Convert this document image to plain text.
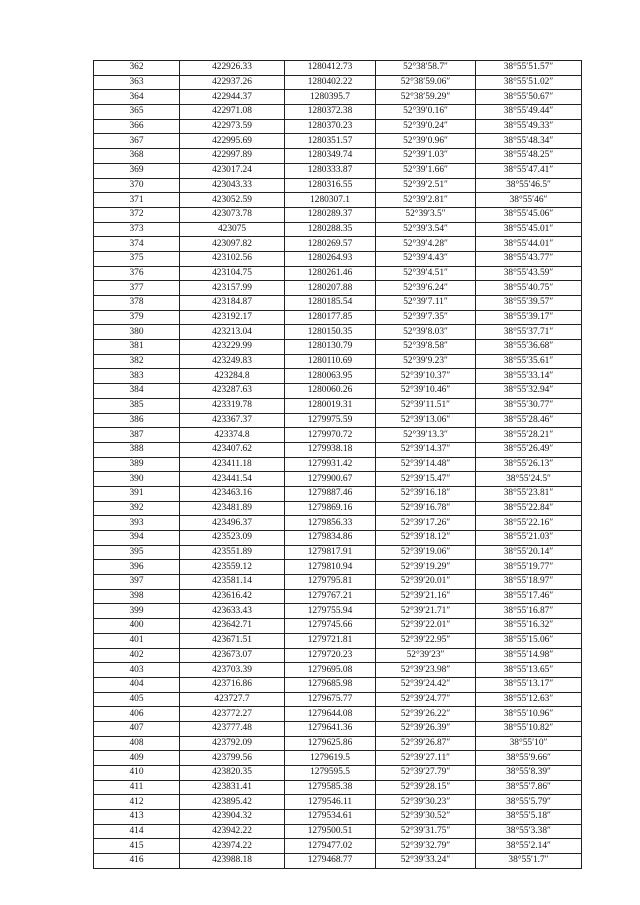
362	422926.33	1280412.73	52°38′58.7″	38°55′51.57″
363	422937.26	1280402.22	52°38′59.06″	38°55′51.02″
364	422944.37	1280395.7	52°38′59.29″	38°55′50.67″
365	422971.08	1280372.38	52°39′0.16″	38°55′49.44″
366	422973.59	1280370.23	52°39′0.24″	38°55′49.33″
367	422995.69	1280351.57	52°39′0.96″	38°55′48.34″
368	422997.89	1280349.74	52°39′1.03″	38°55′48.25″
369	423017.24	1280333.87	52°39′1.66″	38°55′47.41″
370	423043.33	1280316.55	52°39′2.51″	38°55′46.5″
371	423052.59	1280307.1	52°39′2.81″	38°55′46″
372	423073.78	1280289.37	52°39′3.5″	38°55′45.06″
373	423075	1280288.35	52°39′3.54″	38°55′45.01″
374	423097.82	1280269.57	52°39′4.28″	38°55′44.01″
375	423102.56	1280264.93	52°39′4.43″	38°55′43.77″
376	423104.75	1280261.46	52°39′4.51″	38°55′43.59″
377	423157.99	1280207.88	52°39′6.24″	38°55′40.75″
378	423184.87	1280185.54	52°39′7.11″	38°55′39.57″
379	423192.17	1280177.85	52°39′7.35″	38°55′39.17″
380	423213.04	1280150.35	52°39′8.03″	38°55′37.71″
381	423229.99	1280130.79	52°39′8.58″	38°55′36.68″
382	423249.83	1280110.69	52°39′9.23″	38°55′35.61″
383	423284.8	1280063.95	52°39′10.37″	38°55′33.14″
384	423287.63	1280060.26	52°39′10.46″	38°55′32.94″
385	423319.78	1280019.31	52°39′11.51″	38°55′30.77″
386	423367.37	1279975.59	52°39′13.06″	38°55′28.46″
387	423374.8	1279970.72	52°39′13.3″	38°55′28.21″
388	423407.62	1279938.18	52°39′14.37″	38°55′26.49″
389	423411.18	1279931.42	52°39′14.48″	38°55′26.13″
390	423441.54	1279900.67	52°39′15.47″	38°55′24.5″
391	423463.16	1279887.46	52°39′16.18″	38°55′23.81″
392	423481.89	1279869.16	52°39′16.78″	38°55′22.84″
393	423496.37	1279856.33	52°39′17.26″	38°55′22.16″
394	423523.09	1279834.86	52°39′18.12″	38°55′21.03″
395	423551.89	1279817.91	52°39′19.06″	38°55′20.14″
396	423559.12	1279810.94	52°39′19.29″	38°55′19.77″
397	423581.14	1279795.81	52°39′20.01″	38°55′18.97″
398	423616.42	1279767.21	52°39′21.16″	38°55′17.46″
399	423633.43	1279755.94	52°39′21.71″	38°55′16.87″
400	423642.71	1279745.66	52°39′22.01″	38°55′16.32″
401	423671.51	1279721.81	52°39′22.95″	38°55′15.06″
402	423673.07	1279720.23	52°39′23″	38°55′14.98″
403	423703.39	1279695.08	52°39′23.98″	38°55′13.65″
404	423716.86	1279685.98	52°39′24.42″	38°55′13.17″
405	423727.7	1279675.77	52°39′24.77″	38°55′12.63″
406	423772.27	1279644.08	52°39′26.22″	38°55′10.96″
407	423777.48	1279641.36	52°39′26.39″	38°55′10.82″
408	423792.09	1279625.86	52°39′26.87″	38°55′10″
409	423799.56	1279619.5	52°39′27.11″	38°55′9.66″
410	423820.35	1279595.5	52°39′27.79″	38°55′8.39″
411	423831.41	1279585.38	52°39′28.15″	38°55′7.86″
412	423895.42	1279546.11	52°39′30.23″	38°55′5.79″
413	423904.32	1279534.61	52°39′30.52″	38°55′5.18″
414	423942.22	1279500.51	52°39′31.75″	38°55′3.38″
415	423974.22	1279477.02	52°39′32.79″	38°55′2.14″
416	423988.18	1279468.77	52°39′33.24″	38°55′1.7″
